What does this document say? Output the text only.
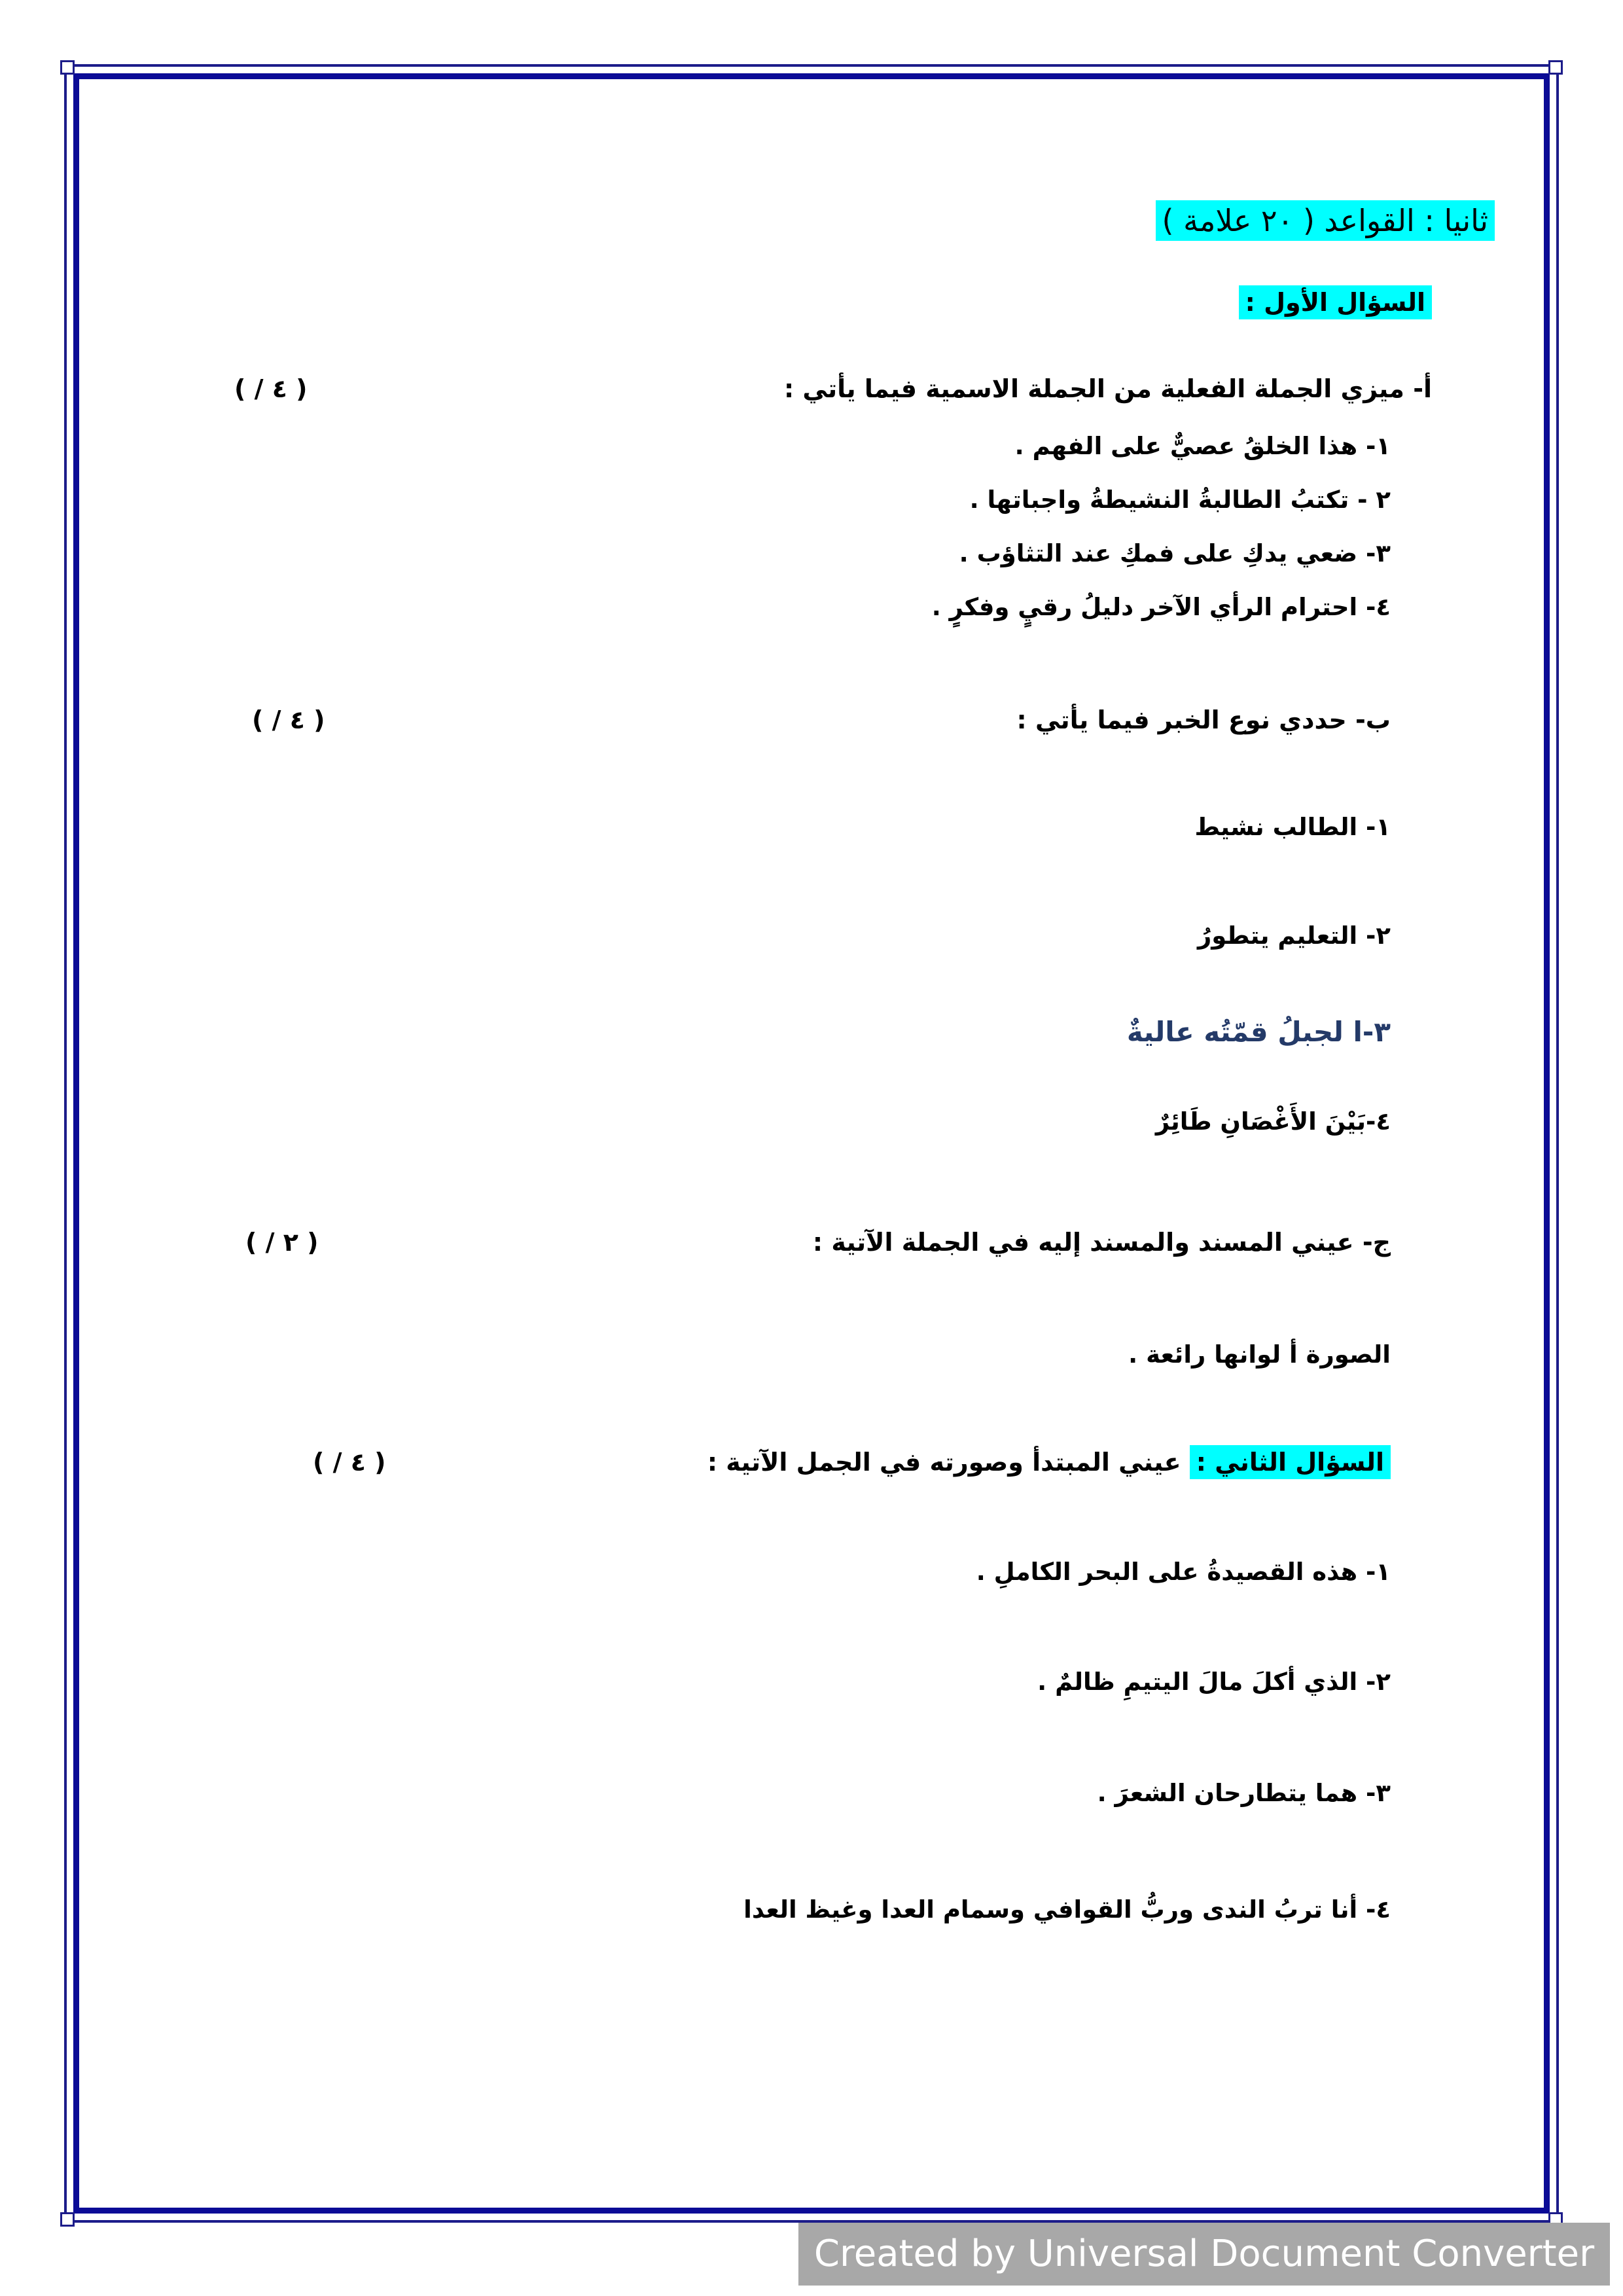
ثانيا : القواعد ( ٢٠ علامة )
السؤال الأول :
أ- ميزي الجملة الفعلية من الجملة الاسمية فيما يأتي :
( ٤ / )
١- هذا الخلقُ عصيٌّ على الفهم .
٢ - تكتبُ الطالبةُ النشيطةُ واجباتها .
٣- ضعي يدكِ على فمكِ عند التثاؤب .
٤- احترام الرأي الآخر دليلُ رقيٍ وفكرٍ .
ب- حددي نوع الخبر فيما يأتي :
( ٤ / )
١- الطالب نشيط
٢- التعليم يتطورُ
٣-ا لجبلُ قمّتُه عاليةٌ
٤-بَيْنَ الأَغْصَانِ طَائِرٌ
ج- عيني المسند والمسند إليه في الجملة الآتية :
( ٢ / )
الصورة أ لوانها رائعة .
السؤال الثاني : عيني المبتدأ وصورته في الجمل الآتية :
( ٤ / )
١- هذه القصيدةُ على البحر الكاملِ .
٢- الذي أكلَ مالَ اليتيمِ ظالمٌ .
٣- هما يتطارحان الشعرَ .
٤- أنا تربُ الندى وربُّ القوافي وسمام العدا وغيظ العدا
Created by Universal Document Converter
